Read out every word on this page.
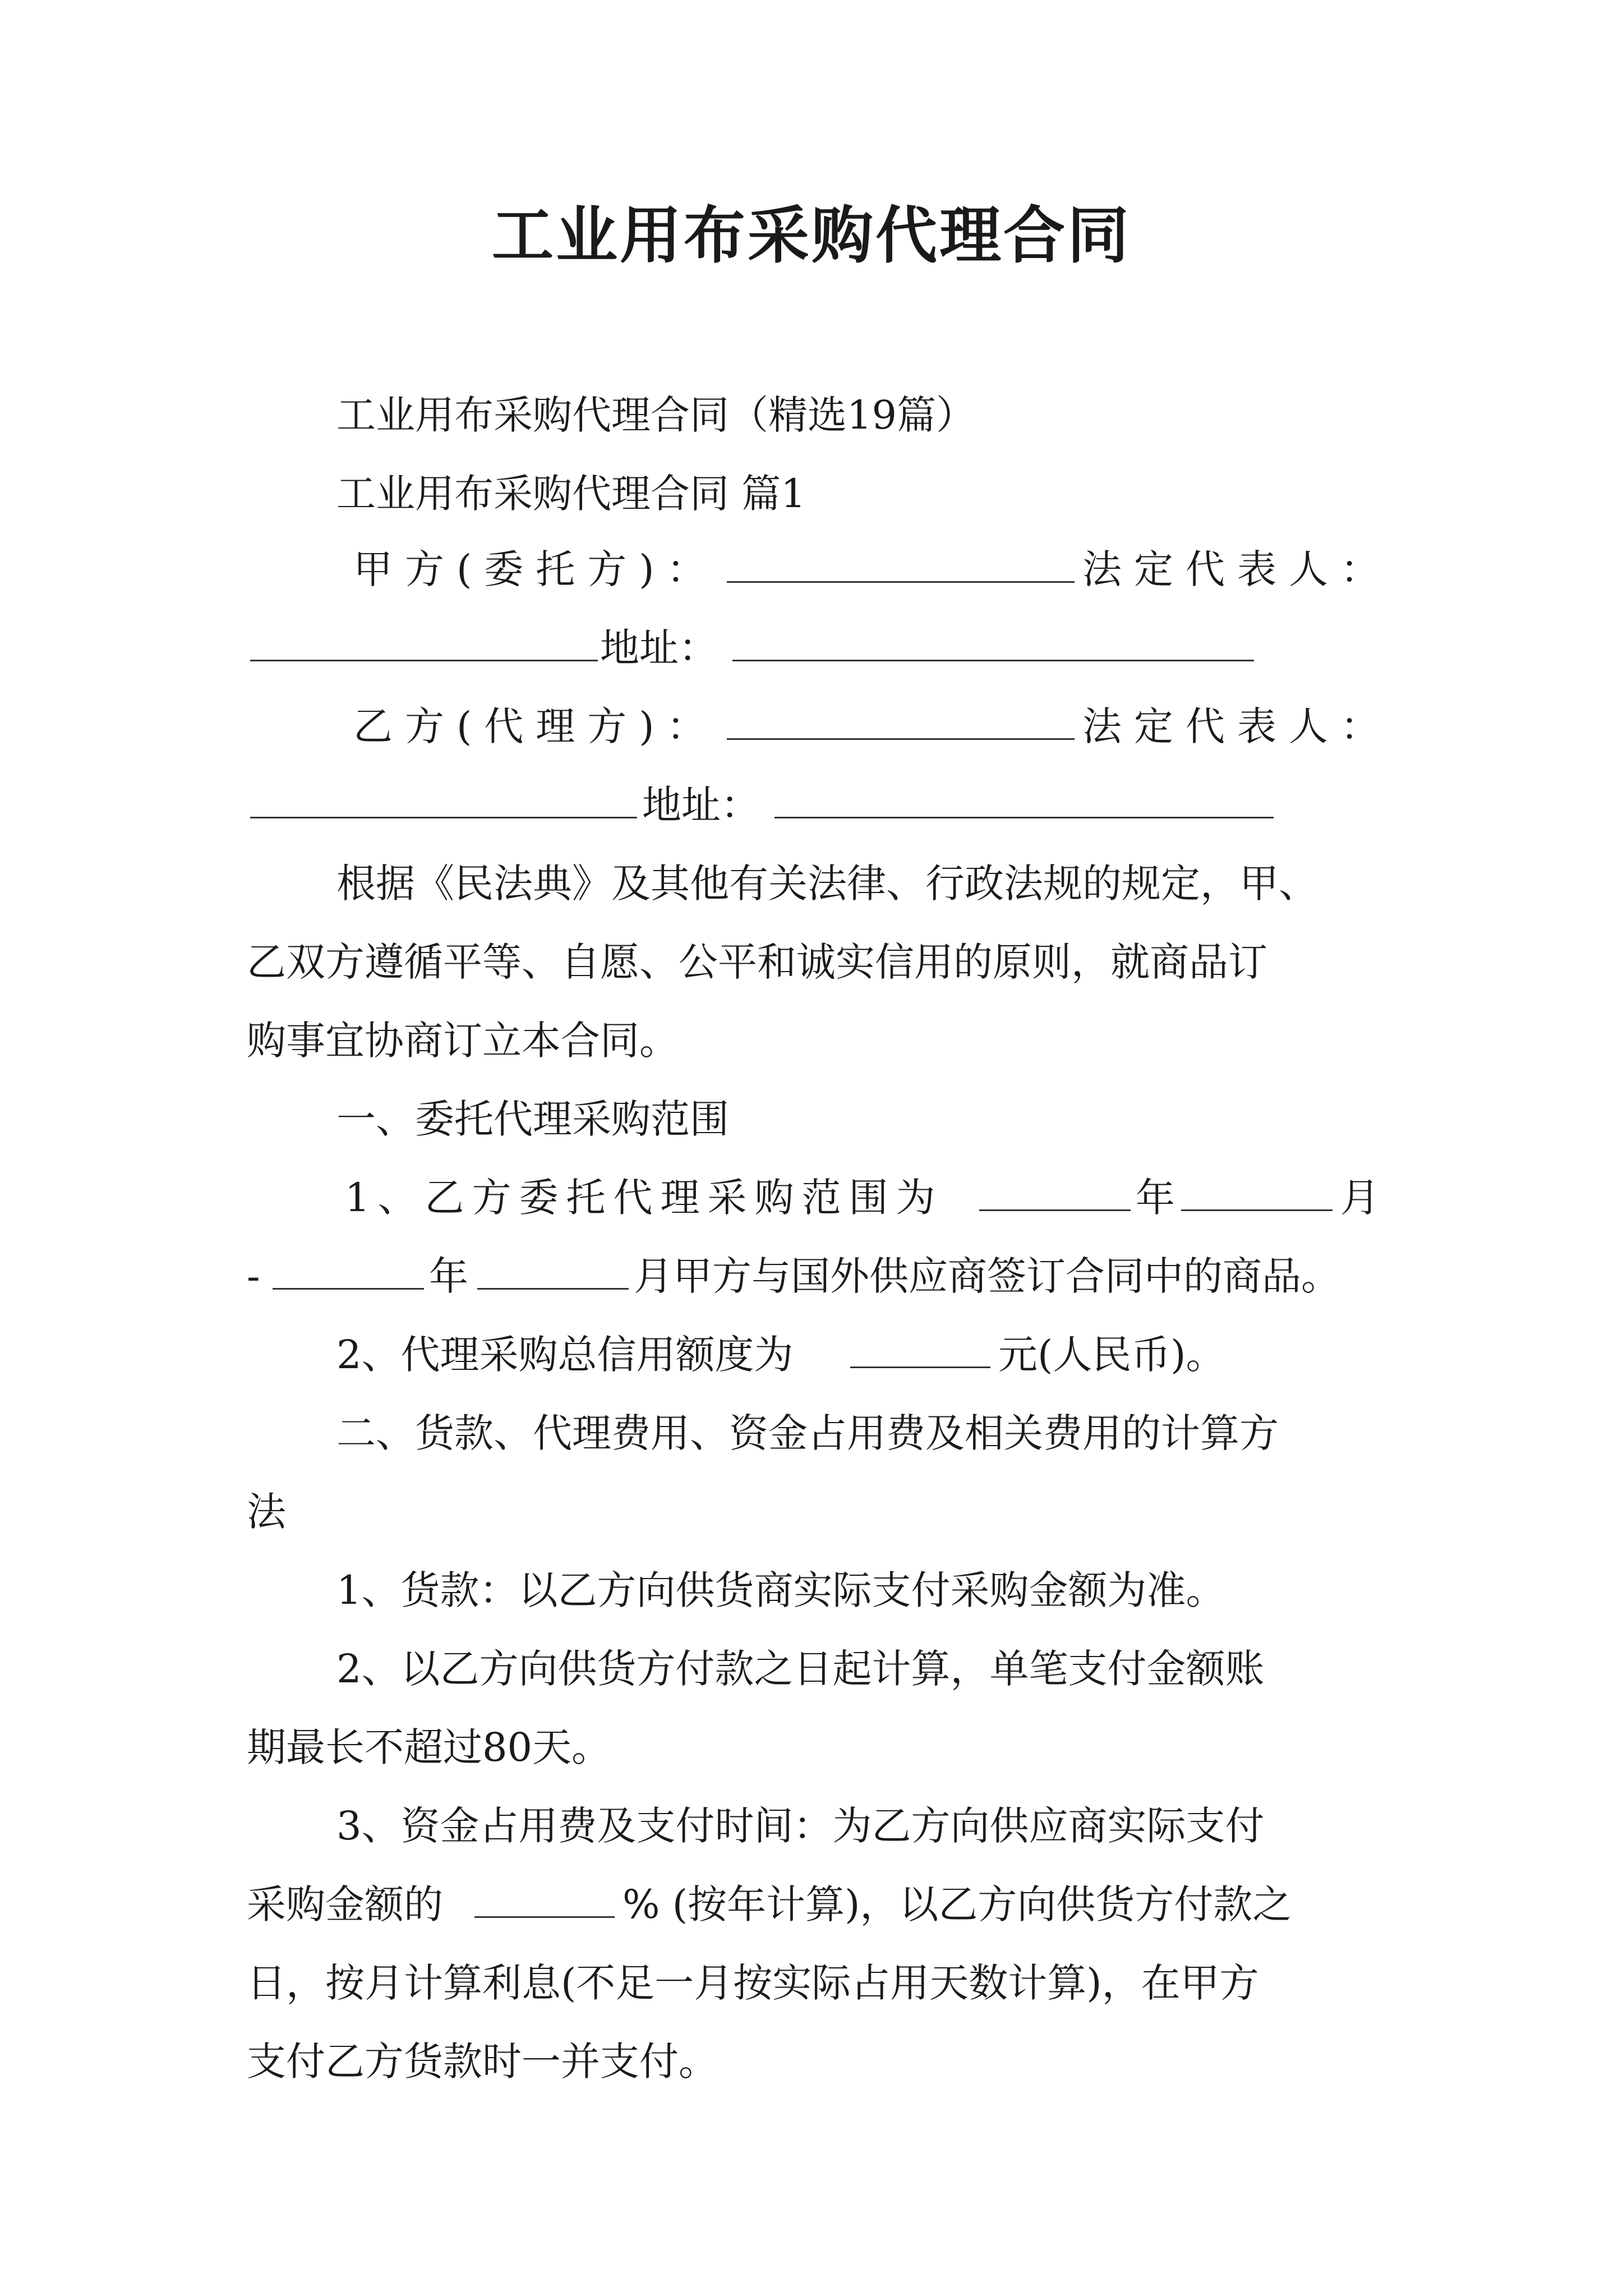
工业用布采购代理合同
工业用布采购代理合同（精选19篇）
工业用布采购代理合同 篇1
甲方(委托方)：	法定代表人：
地址：
乙方(代理方)：	法定代表人：
地址：
根据《民法典》及其他有关法律、行政法规的规定，甲、
乙双方遵循平等、自愿、公平和诚实信用的原则，就商品订
购事宜协商订立本合同。
一、委托代理采购范围
1、乙方委托代理采购范围为	年	月
-	年	月甲方与国外供应商签订合同中的商品。
2、代理采购总信用额度为	元(人民币)。
二、货款、代理费用、资金占用费及相关费用的计算方
法
1、货款：以乙方向供货商实际支付采购金额为准。
2、以乙方向供货方付款之日起计算，单笔支付金额账
期最长不超过80天。
3、资金占用费及支付时间：为乙方向供应商实际支付
采购金额的	% (按年计算)，以乙方向供货方付款之
日，按月计算利息(不足一月按实际占用天数计算)，在甲方
支付乙方货款时一并支付。
